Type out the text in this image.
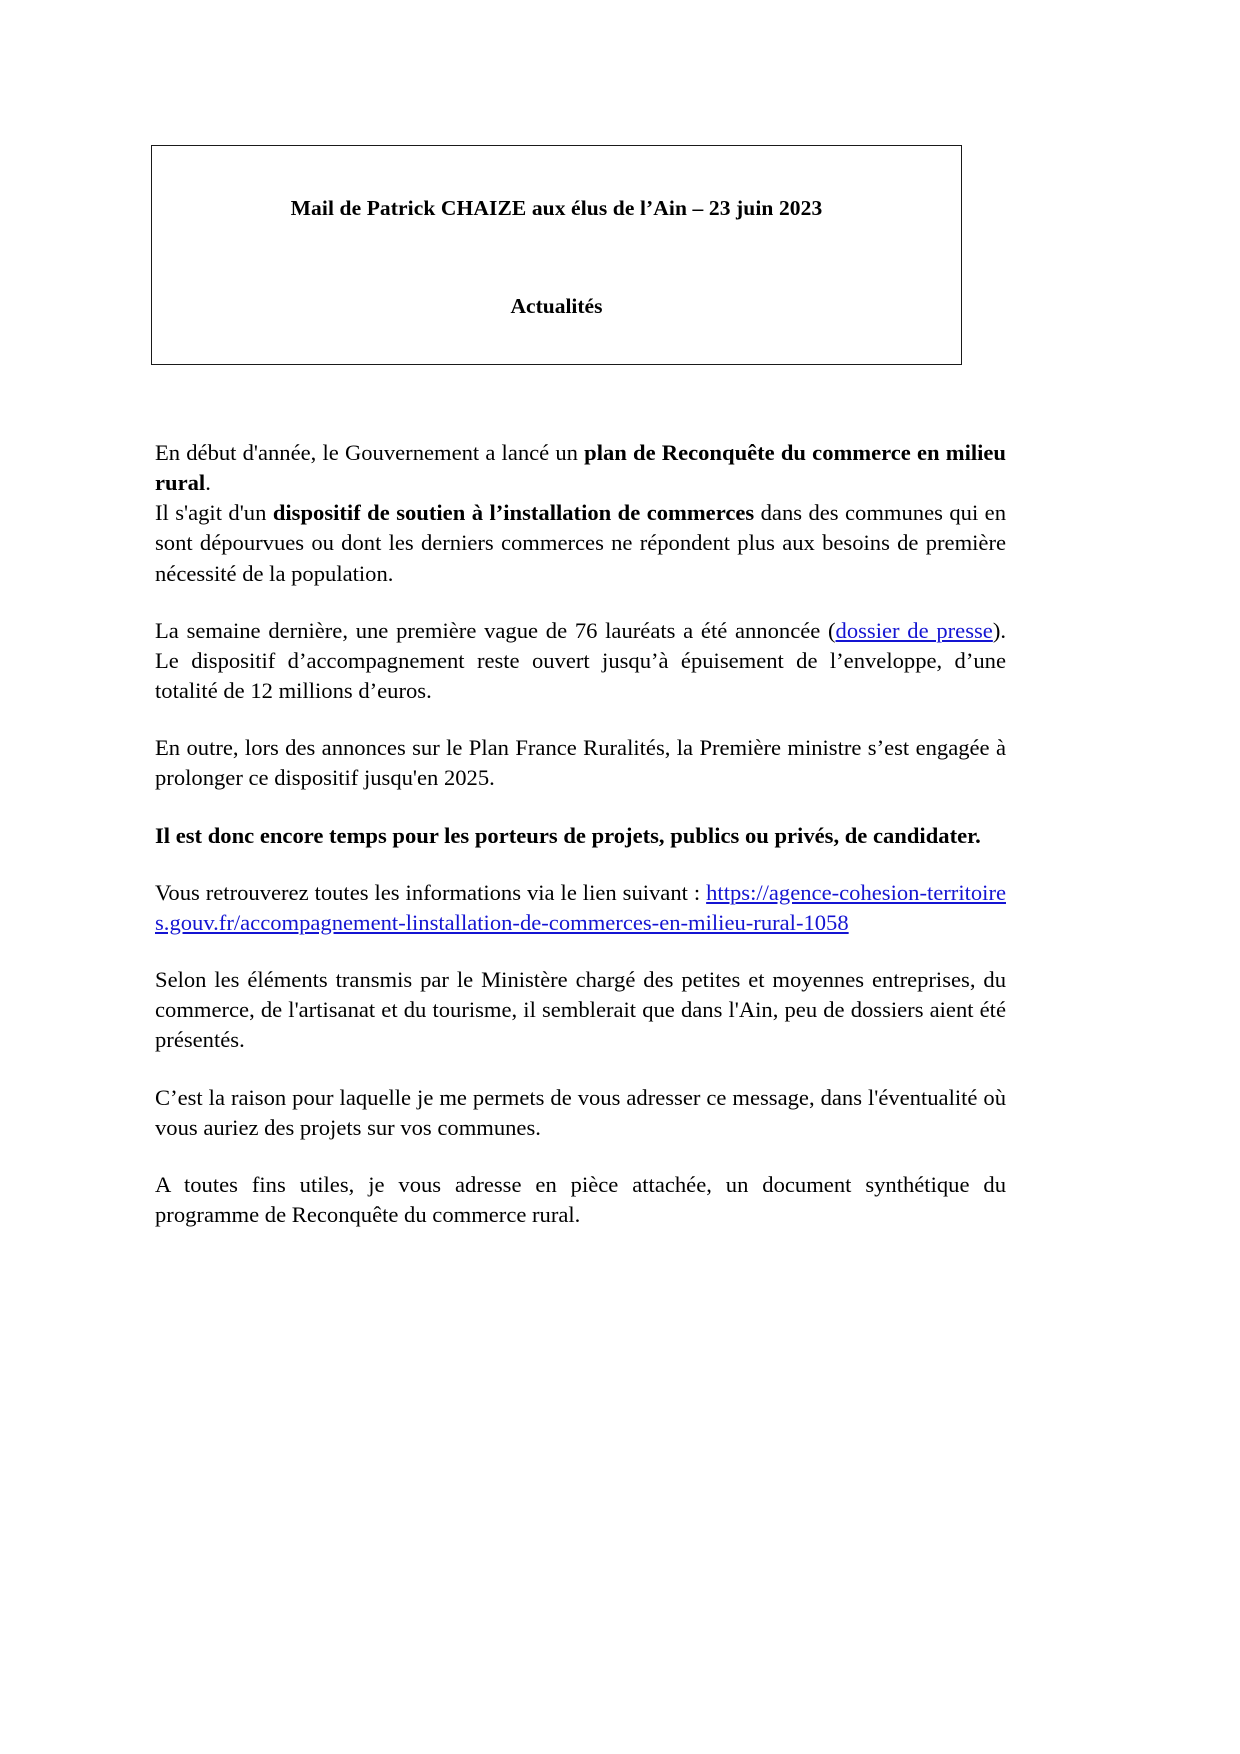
Mail de Patrick CHAIZE aux élus de l’Ain – 23 juin 2023
Actualités

En début d'année, le Gouvernement a lancé un plan de Reconquête du commerce en milieu rural.

Il s'agit d'un dispositif de soutien à l’installation de commerces dans des communes qui en sont dépourvues ou dont les derniers commerces ne répondent plus aux besoins de première nécessité de la population.

La semaine dernière, une première vague de 76 lauréats a été annoncée (dossier de presse). Le dispositif d’accompagnement reste ouvert jusqu’à épuisement de l’enveloppe, d’une totalité de 12 millions d’euros.

En outre, lors des annonces sur le Plan France Ruralités, la Première ministre s’est engagée à prolonger ce dispositif jusqu'en 2025.

Il est donc encore temps pour les porteurs de projets, publics ou privés, de candidater.

Vous retrouverez toutes les informations via le lien suivant : https://agence-cohesion-territoires.gouv.fr/accompagnement-linstallation-de-commerces-en-milieu-rural-1058

Selon les éléments transmis par le Ministère chargé des petites et moyennes entreprises, du commerce, de l'artisanat et du tourisme, il semblerait que dans l'Ain, peu de dossiers aient été présentés.

C’est la raison pour laquelle je me permets de vous adresser ce message, dans l'éventualité où vous auriez des projets sur vos communes.

A toutes fins utiles, je vous adresse en pièce attachée, un document synthétique du programme de Reconquête du commerce rural.
